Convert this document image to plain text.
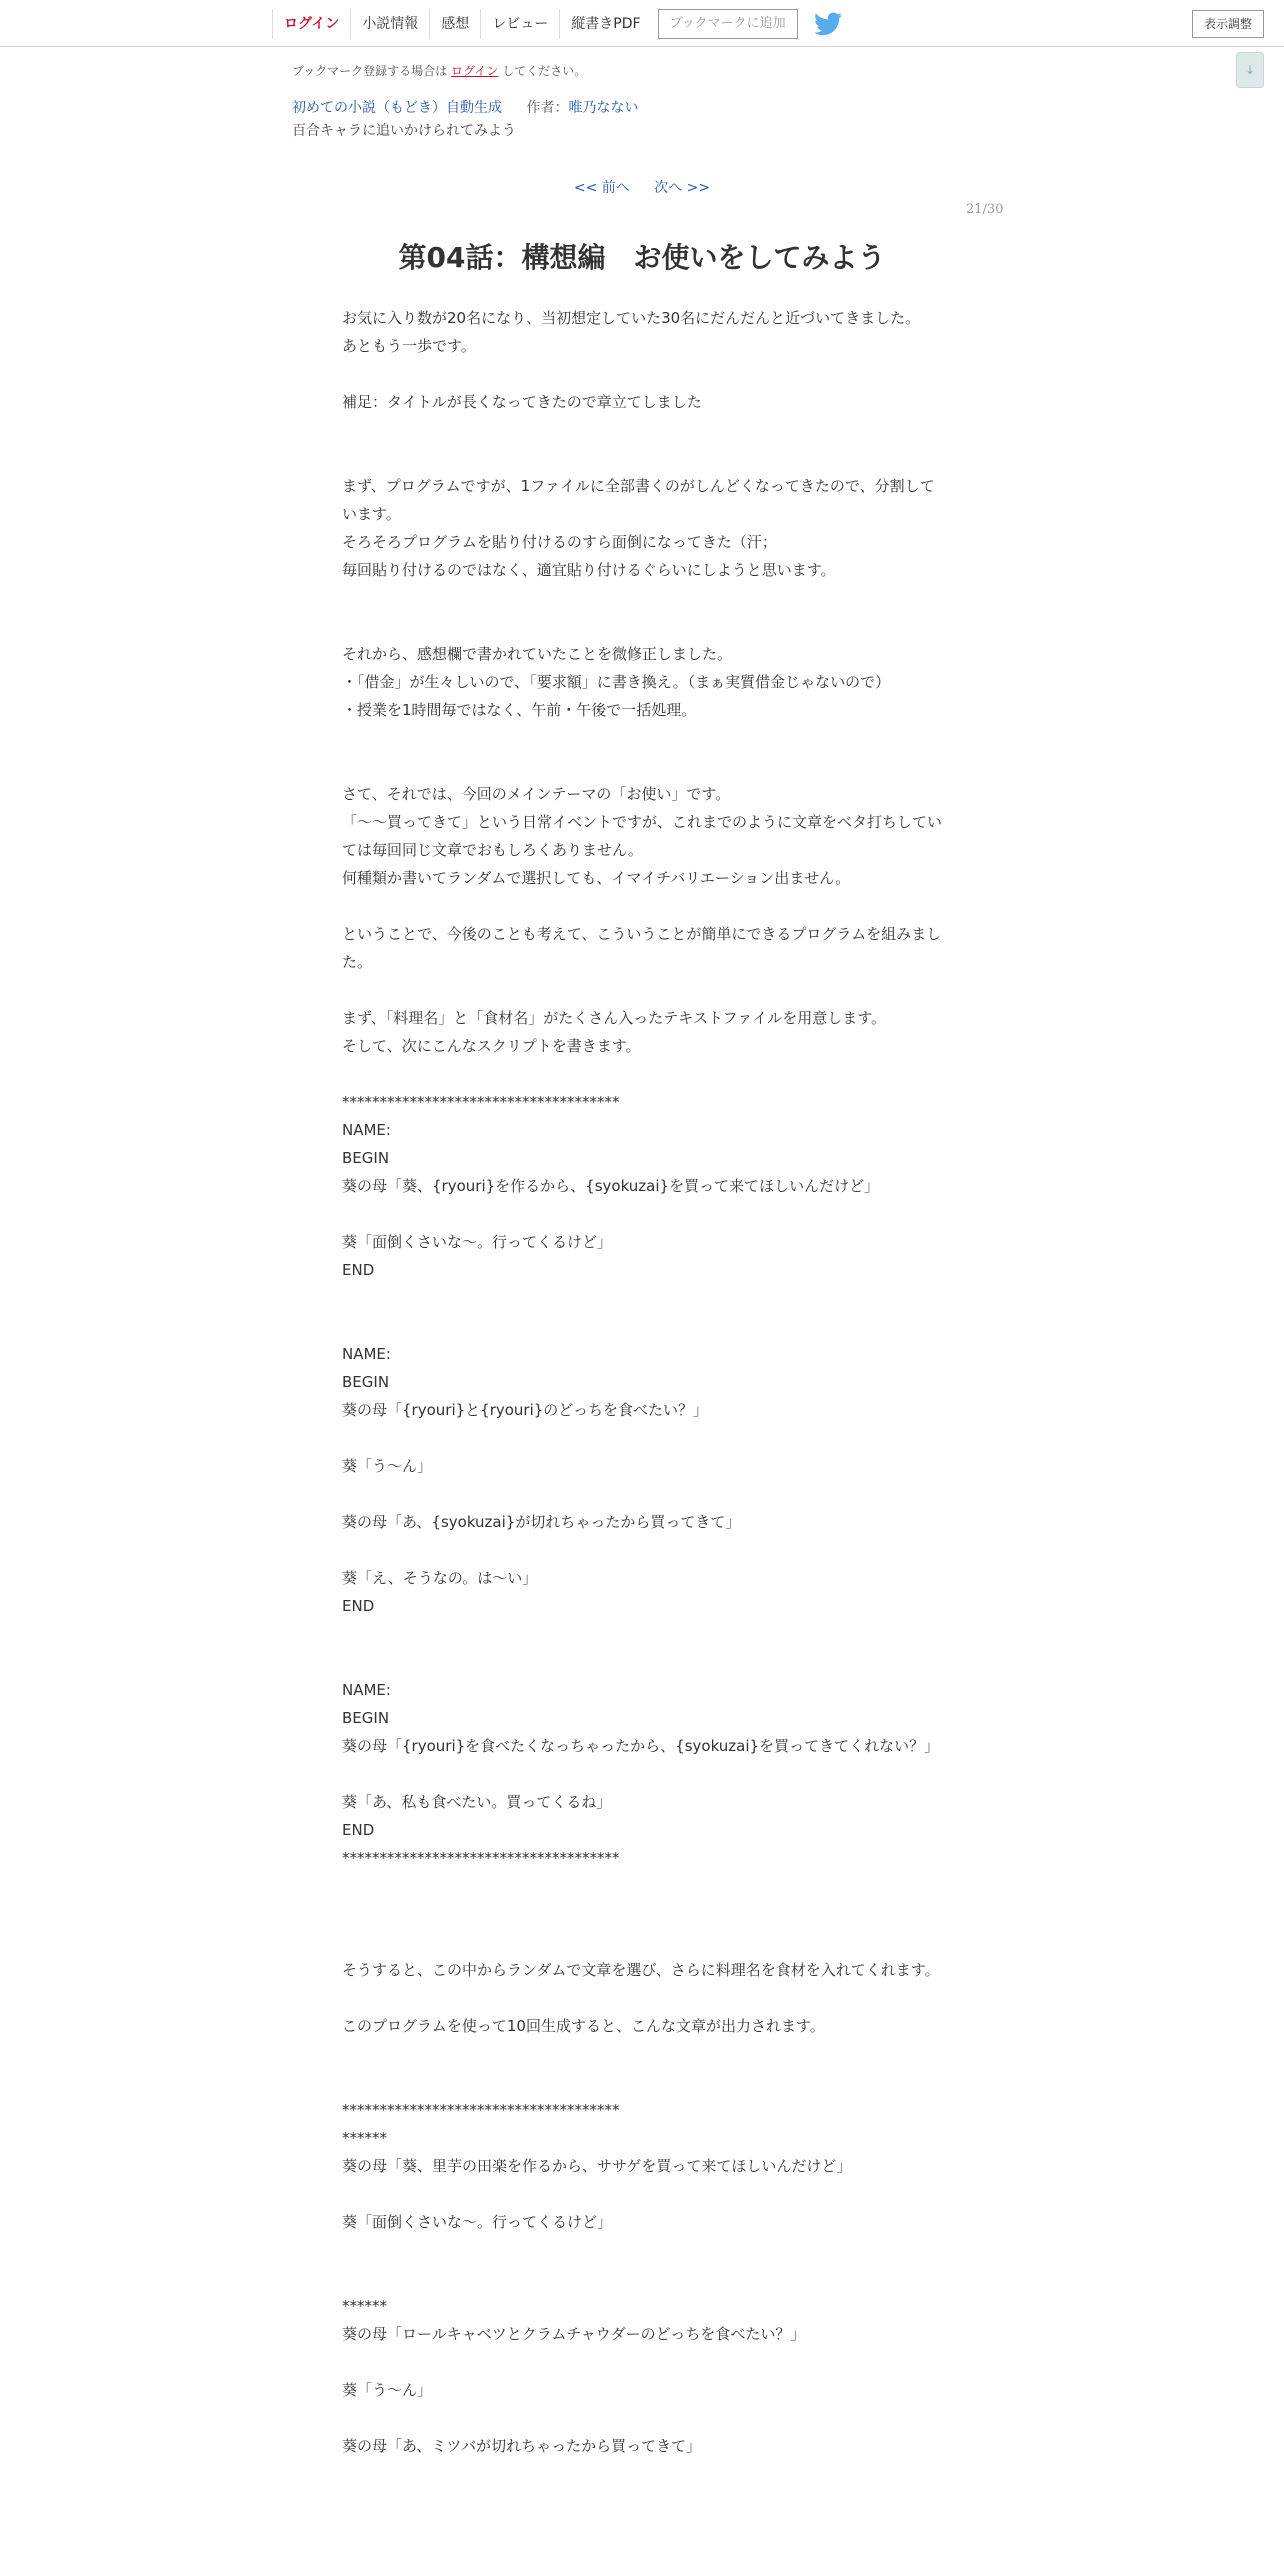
ログイン	小説情報	感想	レビュー	縦書きPDF	ブックマークに追加	表示調整
↓
ブックマーク登録する場合は ログイン してください。
初めての小説（もどき）自動生成 作者：唯乃なない
百合キャラに追いかけられてみよう
<< 前へ 次へ >>
21/30
第04話：構想編　お使いをしてみよう
お気に入り数が20名になり、当初想定していた30名にだんだんと近づいてきました。
あともう一歩です。
補足：タイトルが長くなってきたので章立てしました
まず、プログラムですが、1ファイルに全部書くのがしんどくなってきたので、分割しています。
そろそろプログラムを貼り付けるのすら面倒になってきた（汗；
毎回貼り付けるのではなく、適宜貼り付けるぐらいにしようと思います。
それから、感想欄で書かれていたことを微修正しました。
・「借金」が生々しいので、「要求額」に書き換え。（まぁ実質借金じゃないので）
・授業を1時間毎ではなく、午前・午後で一括処理。
さて、それでは、今回のメインテーマの「お使い」です。
「～～買ってきて」という日常イベントですが、これまでのように文章をベタ打ちしていては毎回同じ文章でおもしろくありません。
何種類か書いてランダムで選択しても、イマイチバリエーション出ません。
ということで、今後のことも考えて、こういうことが簡単にできるプログラムを組みました。
まず、「料理名」と「食材名」がたくさん入ったテキストファイルを用意します。
そして、次にこんなスクリプトを書きます。
*************************************
NAME:
BEGIN
葵の母「葵、{ryouri}を作るから、{syokuzai}を買って来てほしいんだけど」
葵「面倒くさいな～。行ってくるけど」
END
NAME:
BEGIN
葵の母「{ryouri}と{ryouri}のどっちを食べたい？」
葵「う～ん」
葵の母「あ、{syokuzai}が切れちゃったから買ってきて」
葵「え、そうなの。は～い」
END
NAME:
BEGIN
葵の母「{ryouri}を食べたくなっちゃったから、{syokuzai}を買ってきてくれない？」
葵「あ、私も食べたい。買ってくるね」
END
*************************************
そうすると、この中からランダムで文章を選び、さらに料理名を食材を入れてくれます。
このプログラムを使って10回生成すると、こんな文章が出力されます。
*************************************
******
葵の母「葵、里芋の田楽を作るから、ササゲを買って来てほしいんだけど」
葵「面倒くさいな～。行ってくるけど」
******
葵の母「ロールキャベツとクラムチャウダーのどっちを食べたい？」
葵「う～ん」
葵の母「あ、ミツバが切れちゃったから買ってきて」
